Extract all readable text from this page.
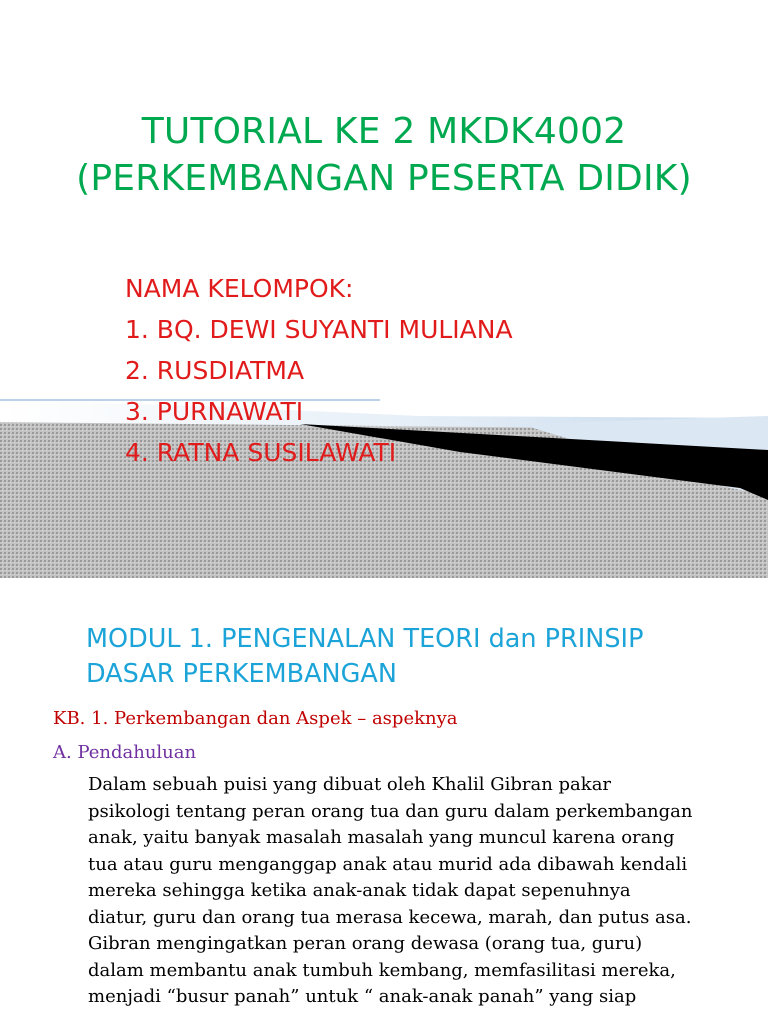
TUTORIAL KE 2 MKDK4002
(PERKEMBANGAN PESERTA DIDIK)
NAMA KELOMPOK:
1. BQ. DEWI SUYANTI MULIANA
2. RUSDIATMA
3. PURNAWATI
4. RATNA SUSILAWATI
MODUL 1. PENGENALAN TEORI dan PRINSIP
DASAR PERKEMBANGAN
KB. 1. Perkembangan dan Aspek – aspeknya
A. Pendahuluan
Dalam sebuah puisi yang dibuat oleh Khalil Gibran pakar
psikologi tentang peran orang tua dan guru dalam perkembangan
anak, yaitu banyak masalah masalah yang muncul karena orang
tua atau guru menganggap anak atau murid ada dibawah kendali
mereka sehingga ketika anak-anak tidak dapat sepenuhnya
diatur, guru dan orang tua merasa kecewa, marah, dan putus asa.
Gibran mengingatkan peran orang dewasa (orang tua, guru)
dalam membantu anak tumbuh kembang, memfasilitasi mereka,
menjadi “busur panah” untuk “ anak-anak panah” yang siap
